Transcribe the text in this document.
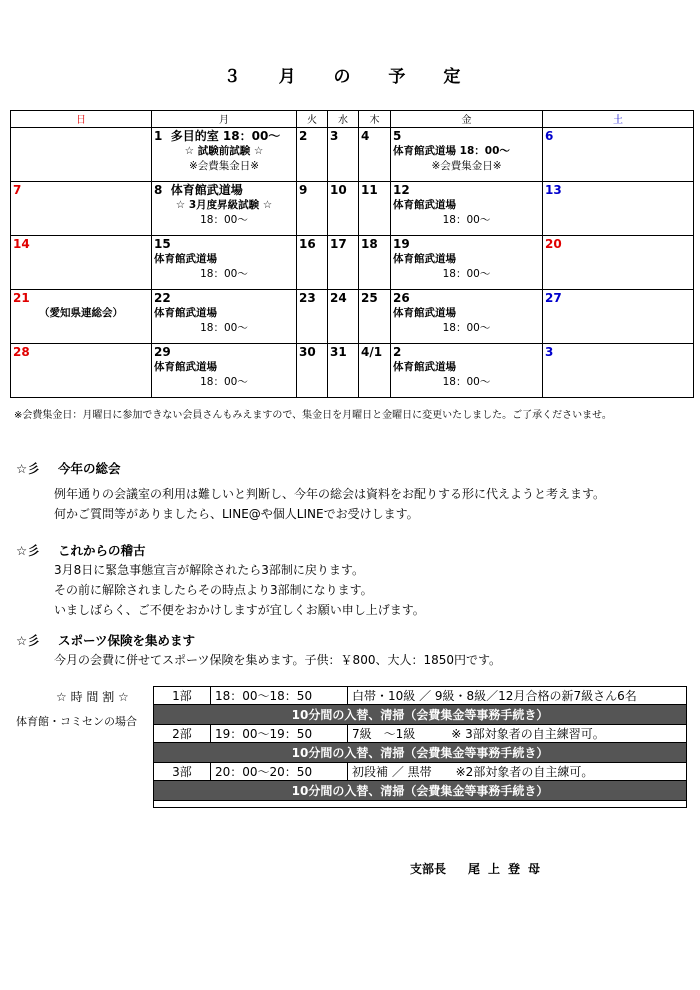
３ 月 の 予 定
日	月	火	水	木	金	土

	1 多目的室 18：00～
☆ 試験前試験 ☆
※会費集金日※	2	3	4	5
体育館武道場 18：00～
※会費集金日※	6

7	8 体育館武道場
☆ 3月度昇級試験 ☆
18：00～	9	10	11	12
体育館武道場
18：00～	13

14	15
体育館武道場
18：00～	16	17	18	19
体育館武道場
18：00～	20

21
（愛知県連総会）	22
体育館武道場
18：00～	23	24	25	26
体育館武道場
18：00～	27

28	29
体育館武道場
18：00～	30	31	4/1	2
体育館武道場
18：00～	3
※会費集金日：月曜日に参加できない会員さんもみえますので、集金日を月曜日と金曜日に変更いたしました。ご了承くださいませ。
☆彡 今年の総会
例年通りの会議室の利用は難しいと判断し、今年の総会は資料をお配りする形に代えようと考えます。
何かご質問等がありましたら、LINE@や個人LINEでお受けします。
☆彡 これからの稽古
3月8日に緊急事態宣言が解除されたら3部制に戻ります。
その前に解除されましたらその時点より3部制になります。
いましばらく、ご不便をおかけしますが宜しくお願い申し上げます。
☆彡 スポーツ保険を集めます
今月の会費に併せてスポーツ保険を集めます。子供：￥800、大人：1850円です。
☆ 時 間 割 ☆
体育館・コミセンの場合
1部	18：00～18：50	白帯・10級 ／ 9級・8級／12月合格の新7級さん6名
10分間の入替、清掃（会費集金等事務手続き）		
2部	19：00～19：50	7級　～1級　　　※ 3部対象者の自主練習可。
10分間の入替、清掃（会費集金等事務手続き）		
3部	20：00～20：50	初段補 ／ 黒帯　　※2部対象者の自主練可。
10分間の入替、清掃（会費集金等事務手続き）		

支部長 尾上登母
